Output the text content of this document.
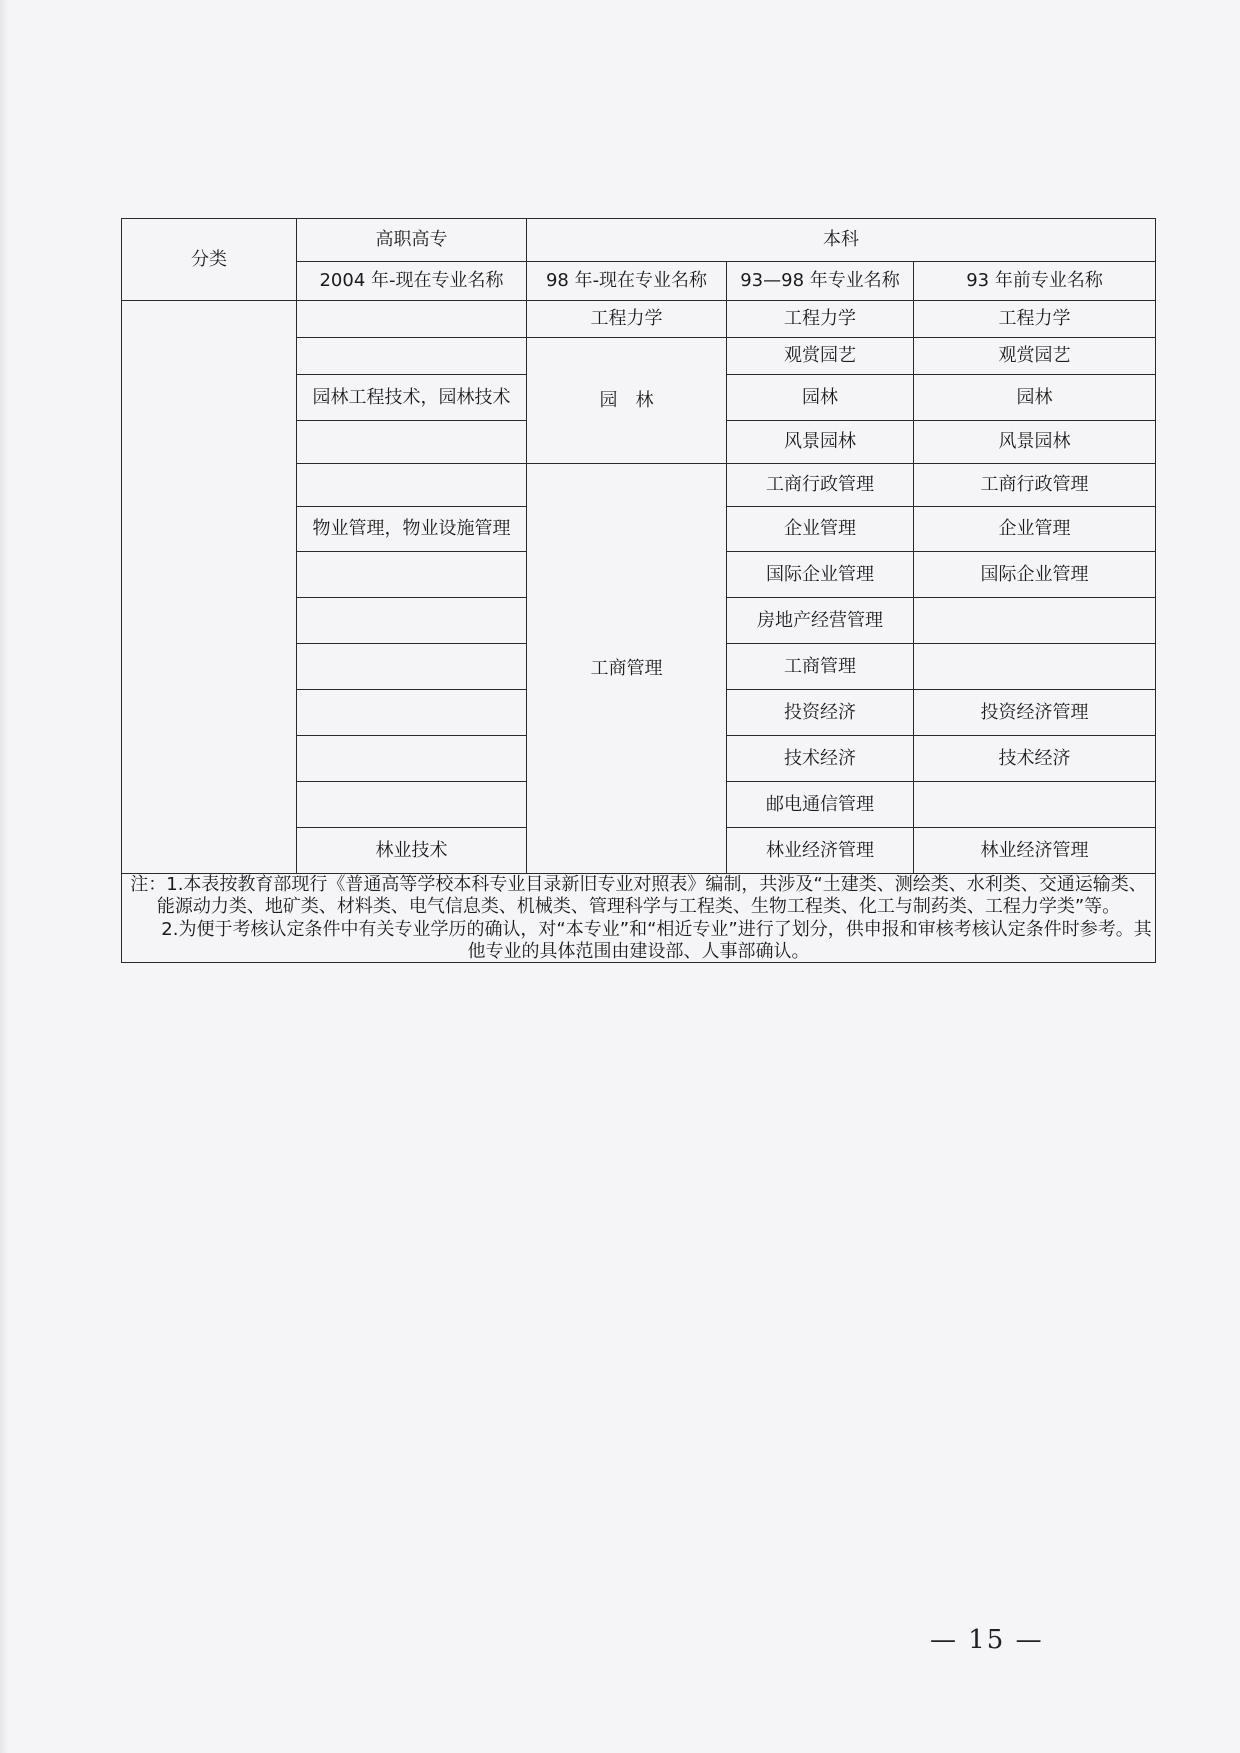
分类	高职高专	本科		
	2004 年-现在专业名称	98 年-现在专业名称	93—98 年专业名称	93 年前专业名称
		工程力学	工程力学	工程力学
		园　林	观赏园艺	观赏园艺
	园林工程技术，园林技术		园林	园林
			风景园林	风景园林
		工商管理	工商行政管理	工商行政管理
	物业管理，物业设施管理		企业管理	企业管理
			国际企业管理	国际企业管理
			房地产经营管理	
			工商管理	
			投资经济	投资经济管理
			技术经济	技术经济
			邮电通信管理	
	林业技术		林业经济管理	林业经济管理

注：1.本表按教育部现行《普通高等学校本科专业目录新旧专业对照表》编制，共涉及“土建类、测绘类、水利类、交通运输类、能源动力类、地矿类、材料类、电气信息类、机械类、管理科学与工程类、生物工程类、化工与制药类、工程力学类”等。

2.为便于考核认定条件中有关专业学历的确认，对“本专业”和“相近专业”进行了划分，供申报和审核考核认定条件时参考。其他专业的具体范围由建设部、人事部确认。				

— 15 —
